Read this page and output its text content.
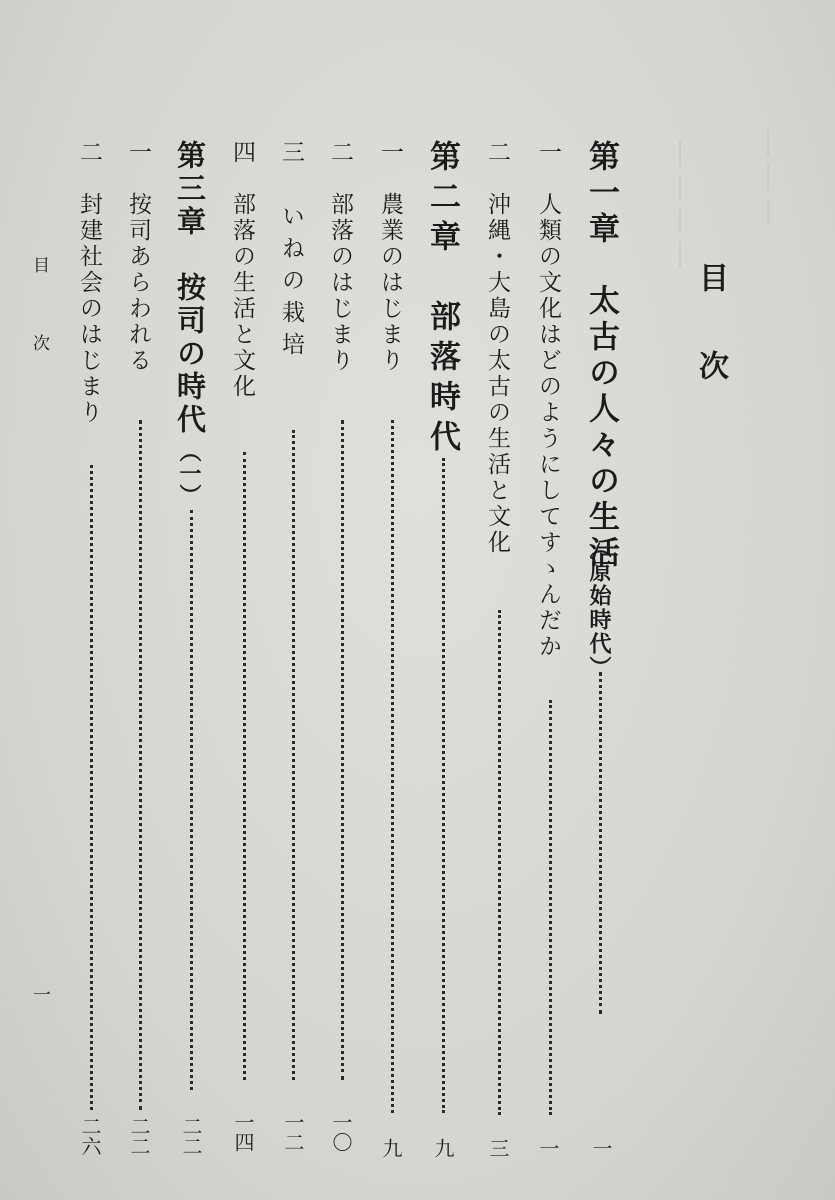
＿＿＿
＿＿＿＿
目　次
第一章　太古の人々の生活
（原始時代）
一
一　人類の文化はどのようにしてすゝんだか
一
二　沖縄・大島の太古の生活と文化
三
第二章　部落時代
九
一　農業のはじまり
九
二　部落のはじまり
一〇
三　いねの栽培
一二
四　部落の生活と文化
一四
第三章　按司の時代
（一）
二二
一　按司あらわれる
二二
二　封建社会のはじまり
二六
目　次
一
